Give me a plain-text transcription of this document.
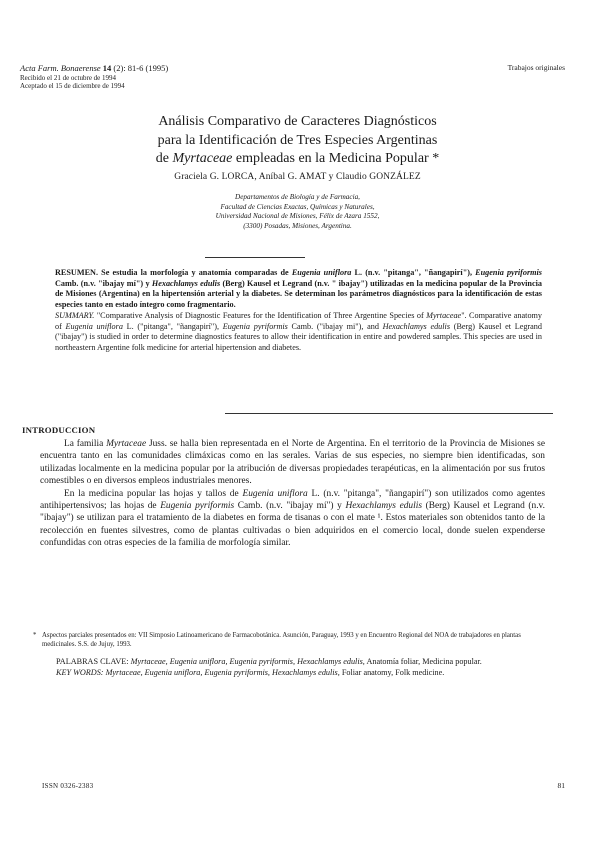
Acta Farm. Bonaerense 14 (2): 81-6 (1995)
Recibido el 21 de octubre de 1994
Aceptado el 15 de diciembre de 1994
Trabajos originales
Análisis Comparativo de Caracteres Diagnósticos
para la Identificación de Tres Especies Argentinas
de Myrtaceae empleadas en la Medicina Popular *
Graciela G. LORCA, Aníbal G. AMAT y Claudio GONZÁLEZ
Departamentos de Biología y de Farmacia,
Facultad de Ciencias Exactas, Químicas y Naturales,
Universidad Nacional de Misiones, Félix de Azara 1552,
(3300) Posadas, Misiones, Argentina.
RESUMEN. Se estudia la morfología y anatomía comparadas de Eugenia uniflora L. (n.v. "pitanga", "ñangapirí"), Eugenia pyriformis Camb. (n.v. "ibajay mí") y Hexachlamys edulis (Berg) Kausel et Legrand (n.v. " ibajay") utilizadas en la medicina popular de la Provincia de Misiones (Argentina) en la hipertensión arterial y la diabetes. Se determinan los parámetros diagnósticos para la identificación de estas especies tanto en estado íntegro como fragmentario.
SUMMARY. "Comparative Analysis of Diagnostic Features for the Identification of Three Argentine Species of Myrtaceae". Comparative anatomy of Eugenia uniflora L. ("pitanga", "ñangapirí"), Eugenia pyriformis Camb. ("ibajay mi"), and Hexachlamys edulis (Berg) Kausel et Legrand ("ibajay") is studied in order to determine diagnostics features to allow their identification in entire and powdered samples. This species are used in northeastern Argentine folk medicine for arterial hipertension and diabetes.
INTRODUCCION

La familia Myrtaceae Juss. se halla bien representada en el Norte de Argentina. En el territorio de la Provincia de Misiones se encuentra tanto en las comunidades climáxicas como en las serales. Varias de sus especies, no siempre bien identificadas, son utilizadas localmente en la medicina popular por la atribución de diversas propiedades terapéuticas, en la alimentación por sus frutos comestibles o en diversos empleos industriales menores.

En la medicina popular las hojas y tallos de Eugenia uniflora L. (n.v. "pitanga", "ñangapirí") son utilizados como agentes antihipertensivos; las hojas de Eugenia pyriformis Camb. (n.v. "ibajay mí") y Hexachlamys edulis (Berg) Kausel et Legrand (n.v. "ibajay") se utilizan para el tratamiento de la diabetes en forma de tisanas o con el mate ¹. Estos materiales son obtenidos tanto de la recolección en fuentes silvestres, como de plantas cultivadas o bien adquiridos en el comercio local, donde suelen expenderse confundidas con otras especies de la familia de morfología similar.

* Aspectos parciales presentados en: VII Simposio Latinoamericano de Farmacobotánica. Asunción, Paraguay, 1993 y en Encuentro Regional del NOA de trabajadores en plantas medicinales. S.S. de Jujuy, 1993.
PALABRAS CLAVE: Myrtaceae, Eugenia uniflora, Eugenia pyriformis, Hexachlamys edulis, Anatomía foliar, Medicina popular.
KEY WORDS: Myrtaceae, Eugenia uniflora, Eugenia pyriformis, Hexachlamys edulis, Foliar anatomy, Folk medicine.
ISSN 0326-2383	81
